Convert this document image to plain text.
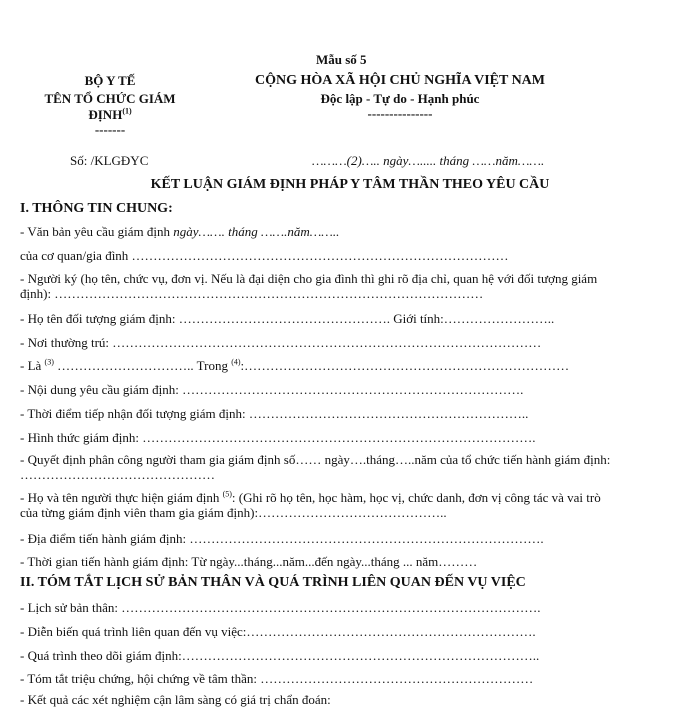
Mẫu số 5
BỘ Y TẾ
TÊN TỔ CHỨC GIÁM
ĐỊNH$^{(1)}$
-------
CỘNG HÒA XÃ HỘI CHỦ NGHĨA VIỆT NAM
Độc lập - Tự do - Hạnh phúc
---------------
Số: /KLGĐYC	………(2)….. ngày…..... tháng ……năm…….
KẾT LUẬN GIÁM ĐỊNH PHÁP Y TÂM THẦN THEO YÊU CẦU
I. THÔNG TIN CHUNG:
- Văn bản yêu cầu giám định ngày……. tháng …….năm……..
của cơ quan/gia đình ……………………………………………………………………………
- Người ký (họ tên, chức vụ, đơn vị. Nếu là đại diện cho gia đình thì ghi rõ địa chỉ, quan hệ với đối tượng giám
định): ………………………………………………………………………………………
- Họ tên đối tượng giám định: …………………………………………. Giới tính:……………………..
- Nơi thường trú: ………………………………………………………………………………………
- Là $^{(3)}$ ………………………….. Trong $^{(4)}$:…………………………………………………………………
- Nội dung yêu cầu giám định: …………………………………………………………………….
- Thời điểm tiếp nhận đối tượng giám định: ………………………………………………………..
- Hình thức giám định: ……………………………………………………………………………….
- Quyết định phân công người tham gia giám định số…… ngày….tháng…..năm của tổ chức tiến hành giám định:
………………………………………
- Họ và tên người thực hiện giám định $^{(5)}$: (Ghi rõ họ tên, học hàm, học vị, chức danh, đơn vị công tác và vai trò
của từng giám định viên tham gia giám định):……………………………………..
- Địa điểm tiến hành giám định: ……………………………………………………………………….
- Thời gian tiến hành giám định: Từ ngày...tháng...năm...đến ngày...tháng ... năm………
II. TÓM TẮT LỊCH SỬ BẢN THÂN VÀ QUÁ TRÌNH LIÊN QUAN ĐẾN VỤ VIỆC
- Lịch sử bản thân: …………………………………………………………………………………….
- Diễn biến quá trình liên quan đến vụ việc:………………………………………………………….
- Quá trình theo dõi giám định:………………………………………………………………………..
- Tóm tắt triệu chứng, hội chứng về tâm thần: ………………………………………………………
- Kết quả các xét nghiệm cận lâm sàng có giá trị chẩn đoán:
